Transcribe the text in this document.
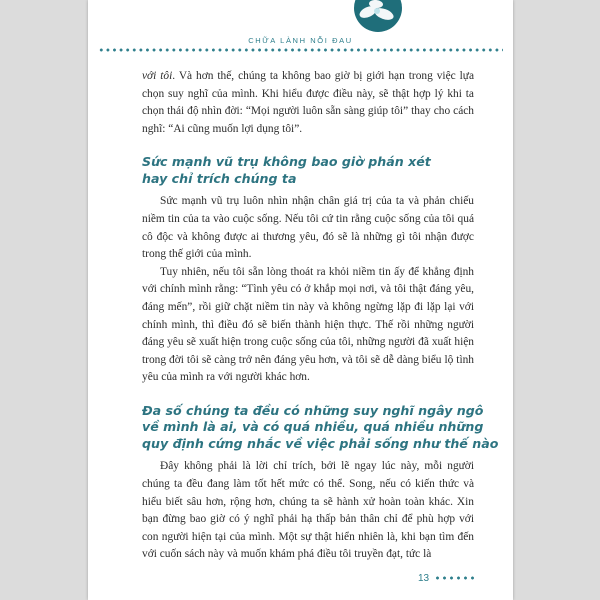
CHỮA LÀNH NỖI ĐAU

với tôi. Và hơn thế, chúng ta không bao giờ bị giới hạn trong việc lựa chọn suy nghĩ của mình. Khi hiểu được điều này, sẽ thật hợp lý khi ta chọn thái độ nhìn đời: “Mọi người luôn sẵn sàng giúp tôi” thay cho cách nghĩ: “Ai cũng muốn lợi dụng tôi”.

Sức mạnh vũ trụ không bao giờ phán xét
hay chỉ trích chúng ta

Sức mạnh vũ trụ luôn nhìn nhận chân giá trị của ta và phản chiếu niềm tin của ta vào cuộc sống. Nếu tôi cứ tin rằng cuộc sống của tôi quá cô độc và không được ai thương yêu, đó sẽ là những gì tôi nhận được trong thế giới của mình.

Tuy nhiên, nếu tôi sẵn lòng thoát ra khỏi niềm tin ấy để khẳng định với chính mình rằng: “Tình yêu có ở khắp mọi nơi, và tôi thật đáng yêu, đáng mến”, rồi giữ chặt niềm tin này và không ngừng lặp đi lặp lại với chính mình, thì điều đó sẽ biến thành hiện thực. Thế rồi những người đáng yêu sẽ xuất hiện trong cuộc sống của tôi, những người đã xuất hiện trong đời tôi sẽ càng trở nên đáng yêu hơn, và tôi sẽ dễ dàng biểu lộ tình yêu của mình ra với người khác hơn.

Đa số chúng ta đều có những suy nghĩ ngây ngô
về mình là ai, và có quá nhiều, quá nhiều những
quy định cứng nhắc về việc phải sống như thế nào

Đây không phải là lời chỉ trích, bởi lẽ ngay lúc này, mỗi người chúng ta đều đang làm tốt hết mức có thể. Song, nếu có kiến thức và hiểu biết sâu hơn, rộng hơn, chúng ta sẽ hành xử hoàn toàn khác. Xin bạn đừng bao giờ có ý nghĩ phải hạ thấp bản thân chỉ để phù hợp với con người hiện tại của mình. Một sự thật hiển nhiên là, khi bạn tìm đến với cuốn sách này và muốn khám phá điều tôi truyền đạt, tức là

13
